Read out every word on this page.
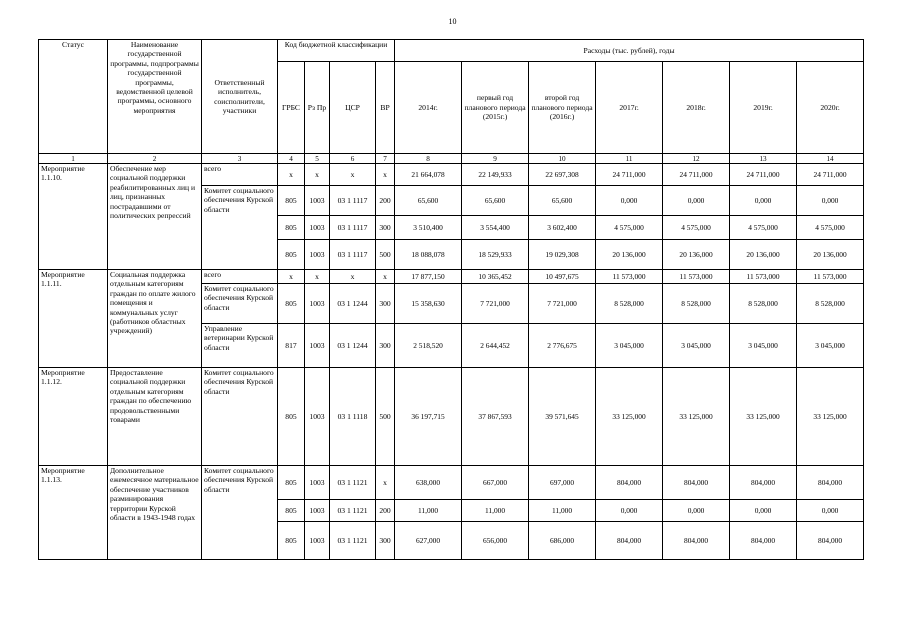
10
Статус	Наименование государственной программы, подпрограммы государственной программы, ведомственной целевой программы, основного мероприятия	Ответственный исполнитель, соисполнители, участники	Код бюджетной классификации				Расходы (тыс. рублей), годы						
			ГРБС	Рз Пр	ЦСР	ВР	2014г.	первый год планового периода (2015г.)	второй год планового периода (2016г.)	2017г.	2018г.	2019г.	2020г.
1	2	3	4	5	6	7	8	9	10	11	12	13	14
Мероприятие 1.1.10.	Обеспечение мер социальной поддержки реабилитированных лиц и лиц, признанных пострадавшими от политических репрессий	всего	х	х	х	х	21 664,078	22 149,933	22 697,308	24 711,000	24 711,000	24 711,000	24 711,000
		Комитет социального обеспечения Курской области	805	1003	03 1 1117	200	65,600	65,600	65,600	0,000	0,000	0,000	0,000
			805	1003	03 1 1117	300	3 510,400	3 554,400	3 602,400	4 575,000	4 575,000	4 575,000	4 575,000
			805	1003	03 1 1117	500	18 088,078	18 529,933	19 029,308	20 136,000	20 136,000	20 136,000	20 136,000
Мероприятие 1.1.11.	Социальная поддержка отдельным категориям граждан по оплате жилого помещения и коммунальных услуг (работников областных учреждений)	всего	х	х	х	х	17 877,150	10 365,452	10 497,675	11 573,000	11 573,000	11 573,000	11 573,000
		Комитет социального обеспечения Курской области	805	1003	03 1 1244	300	15 358,630	7 721,000	7 721,000	8 528,000	8 528,000	8 528,000	8 528,000
		Управление ветеринарии Курской области	817	1003	03 1 1244	300	2 518,520	2 644,452	2 776,675	3 045,000	3 045,000	3 045,000	3 045,000
Мероприятие 1.1.12.	Предоставление социальной поддержки отдельным категориям граждан по обеспечению продовольственными товарами	Комитет социального обеспечения Курской области	805	1003	03 1 1118	500	36 197,715	37 867,593	39 571,645	33 125,000	33 125,000	33 125,000	33 125,000
Мероприятие 1.1.13.	Дополнительное ежемесячное материальное обеспечение участников разминирования территории Курской области в 1943-1948 годах	Комитет социального обеспечения Курской области	805	1003	03 1 1121	х	638,000	667,000	697,000	804,000	804,000	804,000	804,000
			805	1003	03 1 1121	200	11,000	11,000	11,000	0,000	0,000	0,000	0,000
			805	1003	03 1 1121	300	627,000	656,000	686,000	804,000	804,000	804,000	804,000
